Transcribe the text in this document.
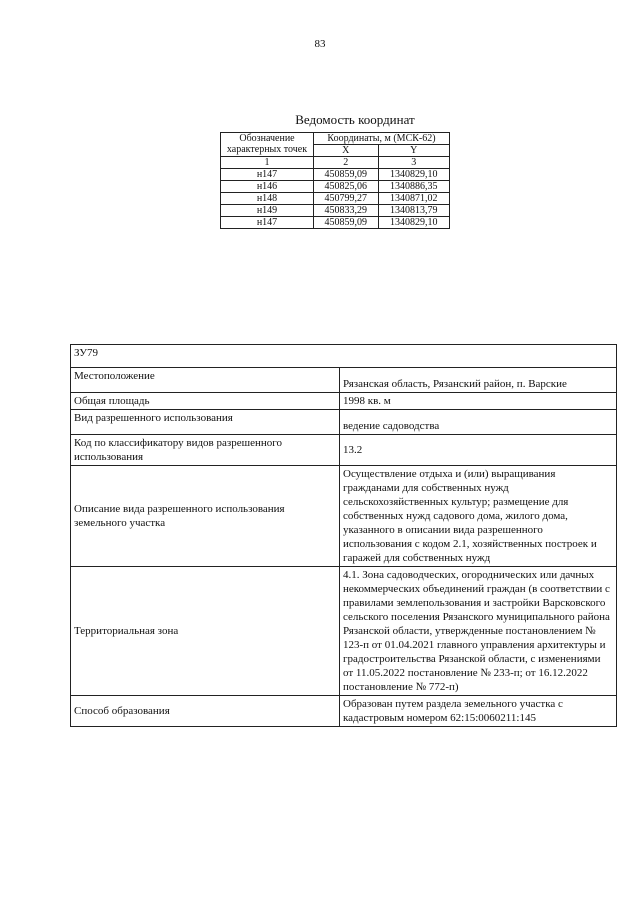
83
Ведомость координат
Обозначение характерных точек	Координаты, м (МСК-62)	
	X	Y
1	2	3
н147	450859,09	1340829,10
н146	450825,06	1340886,35
н148	450799,27	1340871,02
н149	450833,29	1340813,79
н147	450859,09	1340829,10
ЗУ79	
Местоположение	Рязанская область, Рязанский район, п. Варские
Общая площадь	1998 кв. м
Вид разрешенного использования	ведение садоводства
Код по классификатору видов разрешенного использования	13.2
Описание вида разрешенного использования земельного участка	Осуществление отдыха и (или) выращивания гражданами для собственных нужд сельскохозяйственных культур; размещение для собственных нужд садового дома, жилого дома, указанного в описании вида разрешенного использования с кодом 2.1, хозяйственных построек и гаражей для собственных нужд
Территориальная зона	4.1. Зона садоводческих, огороднических или дачных некоммерческих объединений граждан (в соответствии с правилами землепользования и застройки Варсковского сельского поселения Рязанского муниципального района Рязанской области, утвержденные постановлением № 123-п от 01.04.2021 главного управления архитектуры и градостроительства Рязанской области, с изменениями от 11.05.2022 постановление № 233-п; от 16.12.2022 постановление № 772-п)
Способ образования	Образован путем раздела земельного участка с кадастровым номером 62:15:0060211:145
